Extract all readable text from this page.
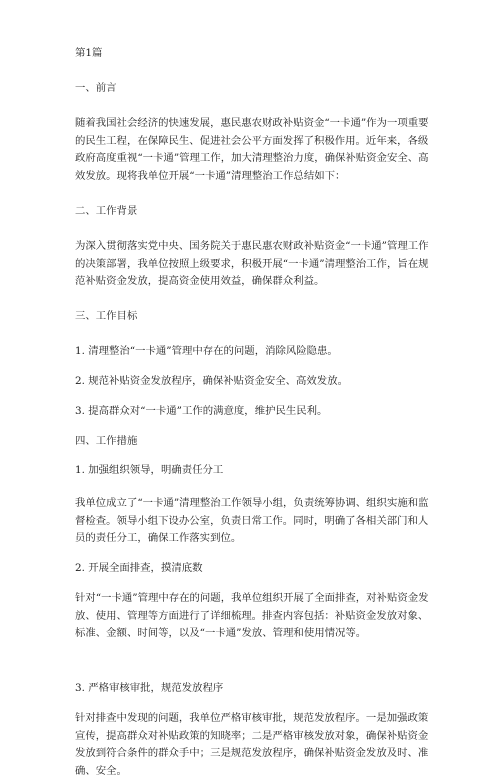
第1篇
一、前言
随着我国社会经济的快速发展，惠民惠农财政补贴资金“一卡通”作为一项重要的民生工程，在保障民生、促进社会公平方面发挥了积极作用。近年来，各级政府高度重视“一卡通”管理工作，加大清理整治力度，确保补贴资金安全、高效发放。现将我单位开展“一卡通”清理整治工作总结如下：
二、工作背景
为深入贯彻落实党中央、国务院关于惠民惠农财政补贴资金“一卡通”管理工作的决策部署，我单位按照上级要求，积极开展“一卡通”清理整治工作，旨在规范补贴资金发放，提高资金使用效益，确保群众利益。
三、工作目标
1. 清理整治“一卡通”管理中存在的问题，消除风险隐患。
2. 规范补贴资金发放程序，确保补贴资金安全、高效发放。
3. 提高群众对“一卡通”工作的满意度，维护民生民利。
四、工作措施
1. 加强组织领导，明确责任分工
我单位成立了“一卡通”清理整治工作领导小组，负责统筹协调、组织实施和监督检查。领导小组下设办公室，负责日常工作。同时，明确了各相关部门和人员的责任分工，确保工作落实到位。
2. 开展全面排查，摸清底数
针对“一卡通”管理中存在的问题，我单位组织开展了全面排查，对补贴资金发放、使用、管理等方面进行了详细梳理。排查内容包括：补贴资金发放对象、标准、金额、时间等，以及“一卡通”发放、管理和使用情况等。
3. 严格审核审批，规范发放程序
针对排查中发现的问题，我单位严格审核审批，规范发放程序。一是加强政策宣传，提高群众对补贴政策的知晓率；二是严格审核发放对象，确保补贴资金发放到符合条件的群众手中；三是规范发放程序，确保补贴资金发放及时、准确、安全。
